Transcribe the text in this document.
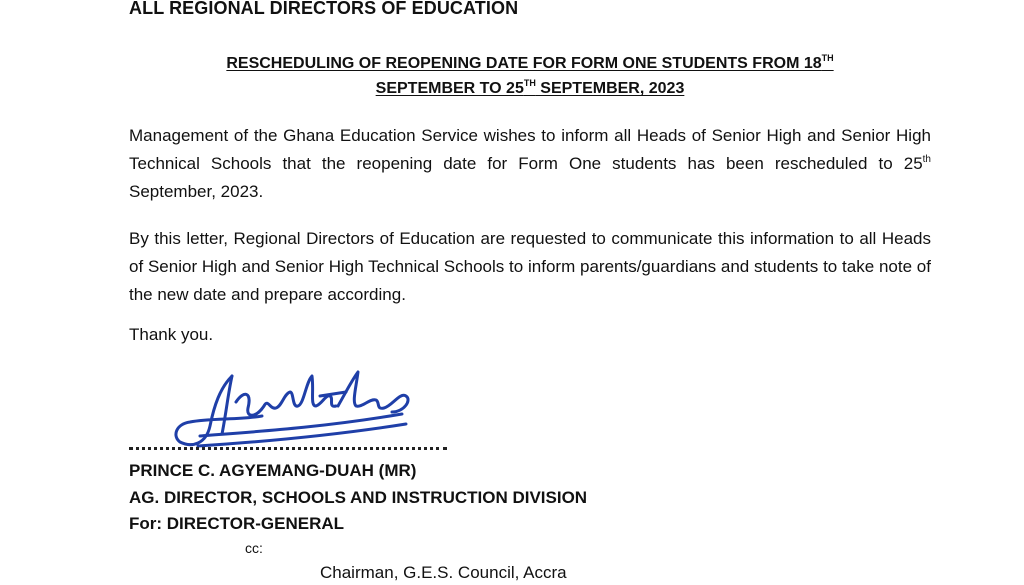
ALL REGIONAL DIRECTORS OF EDUCATION
RESCHEDULING OF REOPENING DATE FOR FORM ONE STUDENTS FROM 18TH
SEPTEMBER TO 25TH SEPTEMBER, 2023

Management of the Ghana Education Service wishes to inform all Heads of Senior High and Senior High Technical Schools that the reopening date for Form One students has been rescheduled to 25th September, 2023.

By this letter, Regional Directors of Education are requested to communicate this information to all Heads of Senior High and Senior High Technical Schools to inform parents/guardians and students to take note of the new date and prepare according.

Thank you.
PRINCE C. AGYEMANG-DUAH (MR)
AG. DIRECTOR, SCHOOLS AND INSTRUCTION DIVISION
For: DIRECTOR-GENERAL
cc:
Chairman, G.E.S. Council, Accra
